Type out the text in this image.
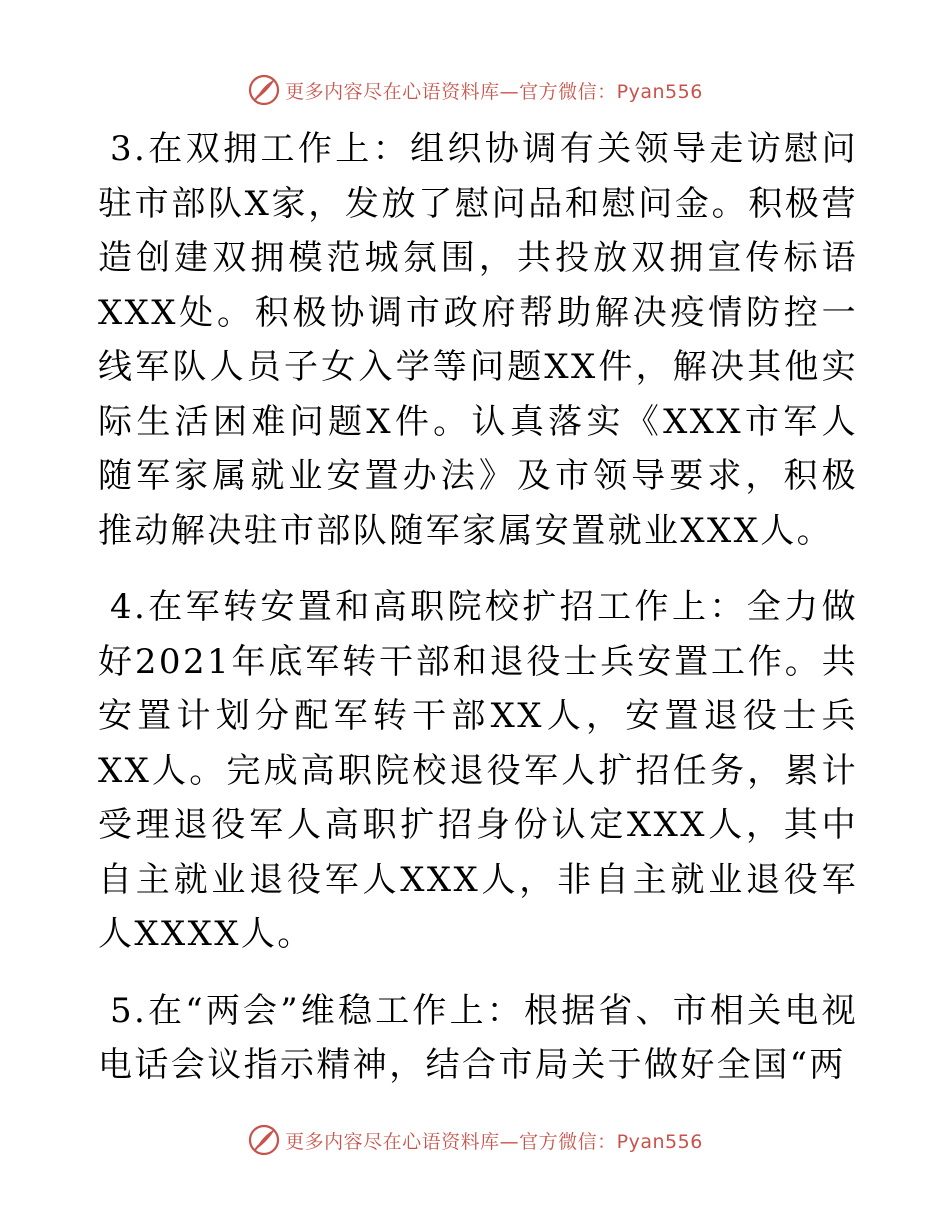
更多内容尽在心语资料库—官方微信：Pyan556

3.在双拥工作上：组织协调有关领导走访慰问驻市部队X家，发放了慰问品和慰问金。积极营造创建双拥模范城氛围，共投放双拥宣传标语XXX处。积极协调市政府帮助解决疫情防控一线军队人员子女入学等问题XX件，解决其他实际生活困难问题X件。认真落实《XXX市军人随军家属就业安置办法》及市领导要求，积极推动解决驻市部队随军家属安置就业XXX人。

4.在军转安置和高职院校扩招工作上：全力做好2021年底军转干部和退役士兵安置工作。共安置计划分配军转干部XX人，安置退役士兵XX人。完成高职院校退役军人扩招任务，累计受理退役军人高职扩招身份认定XXX人，其中自主就业退役军人XXX人，非自主就业退役军人XXXX人。

5.在“两会”维稳工作上：根据省、市相关电视电话会议指示精神，结合市局关于做好全国“两

更多内容尽在心语资料库—官方微信：Pyan556
